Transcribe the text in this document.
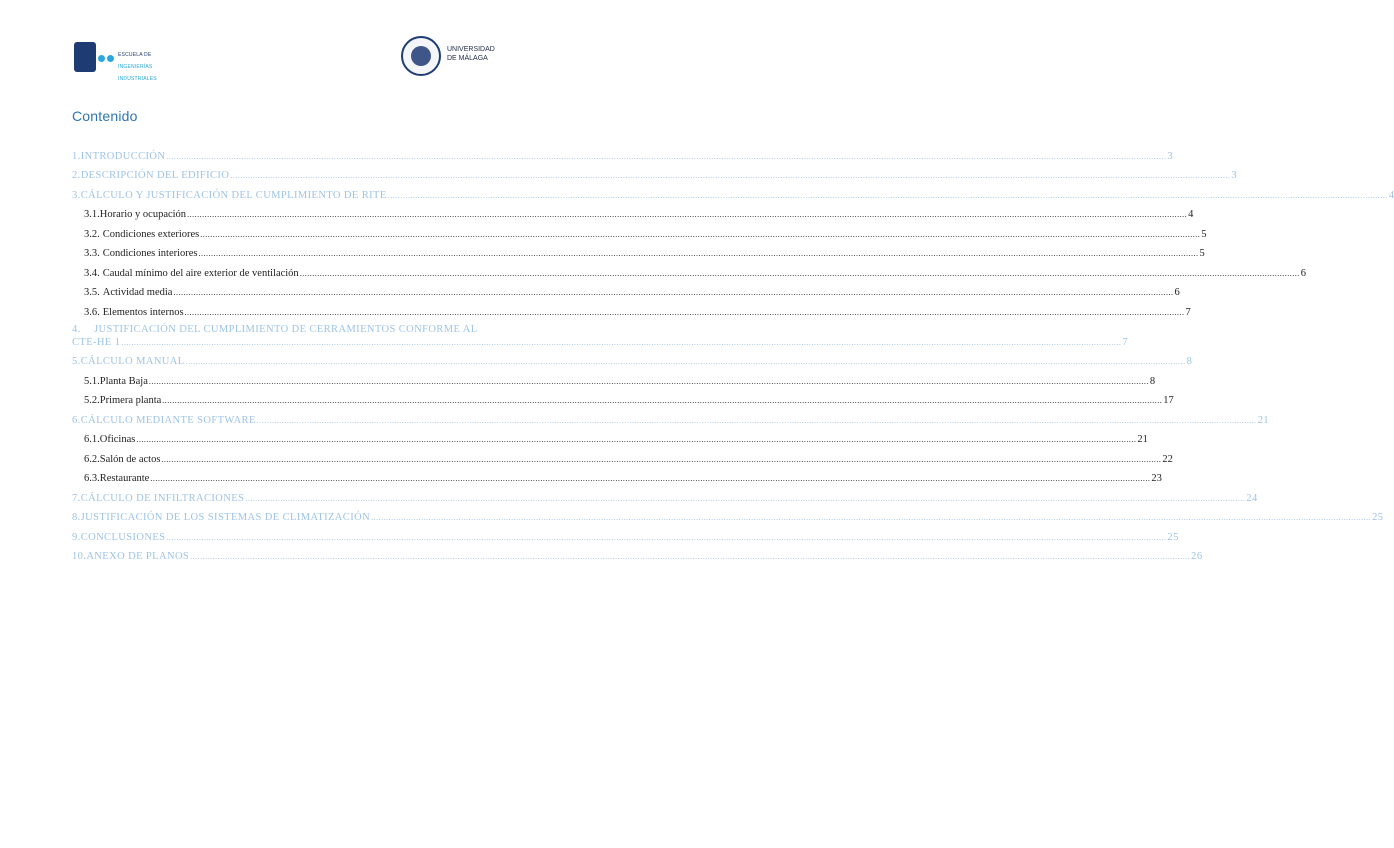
ESCUELA DE

INGENIERÍAS

INDUSTRIALES

UNIVERSIDAD
DE MÁLAGA
Contenido
1. INTRODUCCIÓN ................................................................................................................................................................................................................................................................................................................................................................................................................ 3
2. DESCRIPCIÓN DEL EDIFICIO ................................................................................................................................................................................................................................................................................................................................................................................................................ 3
3. CÁLCULO Y JUSTIFICACIÓN DEL CUMPLIMIENTO DE RITE ................................................................................................................................................................................................................................................................................................................................................................................................................ 4
3.1. Horario y ocupación ................................................................................................................................................................................................................................................................................................................................................................................................................ 4
3.2. Condiciones exteriores ................................................................................................................................................................................................................................................................................................................................................................................................................ 5
3.3. Condiciones interiores ................................................................................................................................................................................................................................................................................................................................................................................................................ 5
3.4. Caudal mínimo del aire exterior de ventilación ................................................................................................................................................................................................................................................................................................................................................................................................................ 6
3.5. Actividad media ................................................................................................................................................................................................................................................................................................................................................................................................................ 6
3.6. Elementos internos ................................................................................................................................................................................................................................................................................................................................................................................................................ 7
4. JUSTIFICACIÓN DEL CUMPLIMIENTO DE CERRAMIENTOS CONFORME AL
CTE-HE 1 ................................................................................................................................................................................................................................................................................................................................................................................................................ 7
5. CÁLCULO MANUAL ................................................................................................................................................................................................................................................................................................................................................................................................................ 8
5.1. Planta Baja ................................................................................................................................................................................................................................................................................................................................................................................................................ 8
5.2. Primera planta ................................................................................................................................................................................................................................................................................................................................................................................................................ 17
6. CÁLCULO MEDIANTE SOFTWARE ................................................................................................................................................................................................................................................................................................................................................................................................................ 21
6.1. Oficinas ................................................................................................................................................................................................................................................................................................................................................................................................................ 21
6.2. Salón de actos ................................................................................................................................................................................................................................................................................................................................................................................................................ 22
6.3. Restaurante ................................................................................................................................................................................................................................................................................................................................................................................................................ 23
7. CÁLCULO DE INFILTRACIONES ................................................................................................................................................................................................................................................................................................................................................................................................................ 24
8. JUSTIFICACIÓN DE LOS SISTEMAS DE CLIMATIZACIÓN ................................................................................................................................................................................................................................................................................................................................................................................................................ 25
9. CONCLUSIONES ................................................................................................................................................................................................................................................................................................................................................................................................................ 25
10. ANEXO DE PLANOS ................................................................................................................................................................................................................................................................................................................................................................................................................ 26
